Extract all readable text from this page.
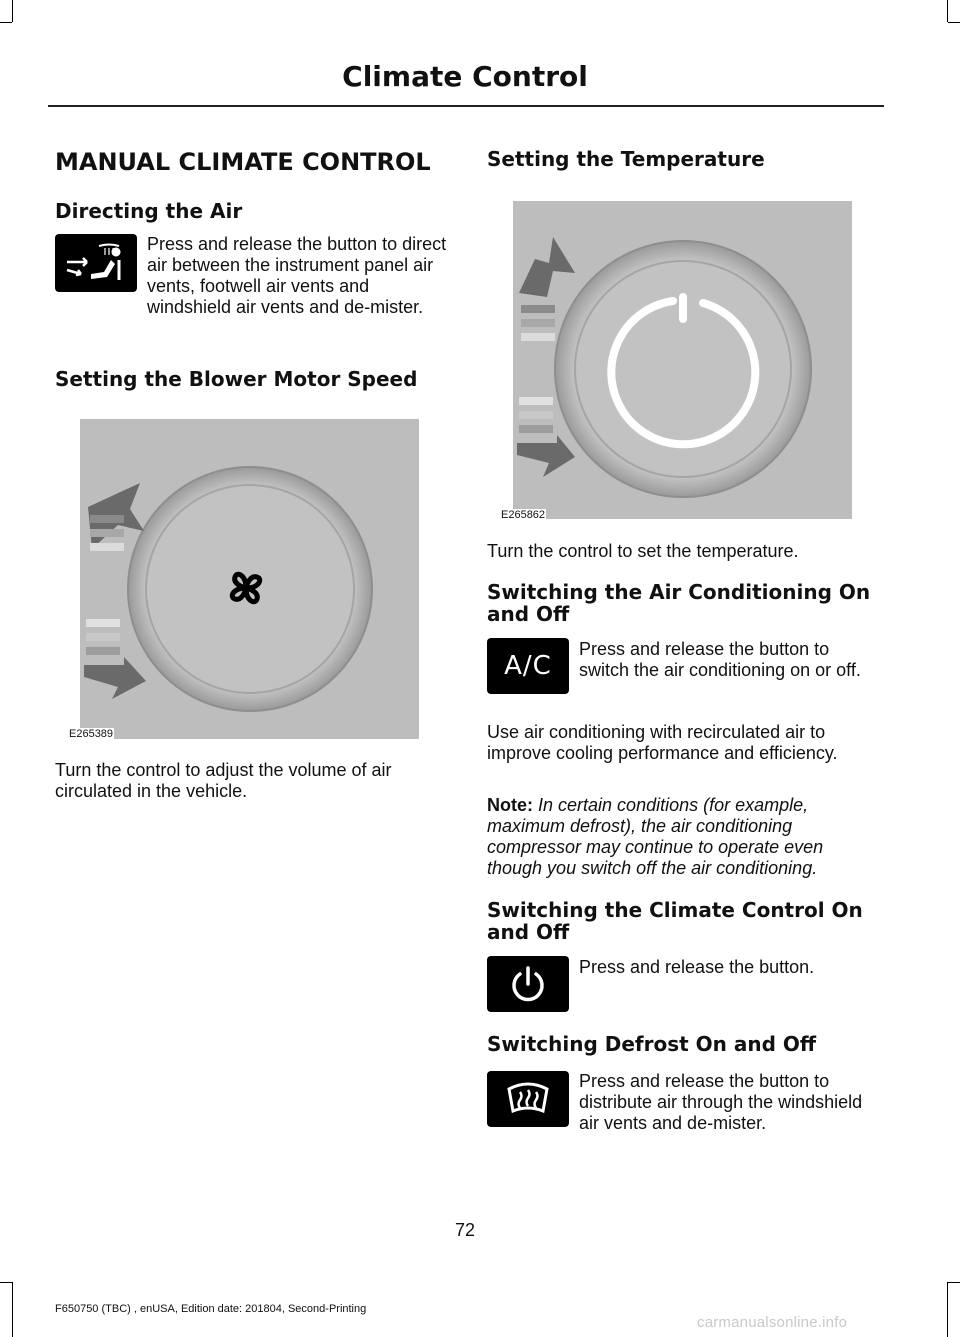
Climate Control
MANUAL CLIMATE CONTROL
Directing the Air

Press and release the button to direct air between the instrument panel air vents, footwell air vents and windshield air vents and de-mister.

Setting the Blower Motor Speed
E265389

Turn the control to adjust the volume of air circulated in the vehicle.

Setting the Temperature
E265862

Turn the control to set the temperature.

Switching the Air Conditioning On and Off
A/C

Press and release the button to switch the air conditioning on or off.

Use air conditioning with recirculated air to improve cooling performance and efficiency.

Note: In certain conditions (for example, maximum defrost), the air conditioning compressor may continue to operate even though you switch off the air conditioning.

Switching the Climate Control On and Off

Press and release the button.

Switching Defrost On and Off

Press and release the button to distribute air through the windshield air vents and de-mister.

72
F650750 (TBC) , enUSA, Edition date: 201804, Second-Printing
carmanualsonline.info
